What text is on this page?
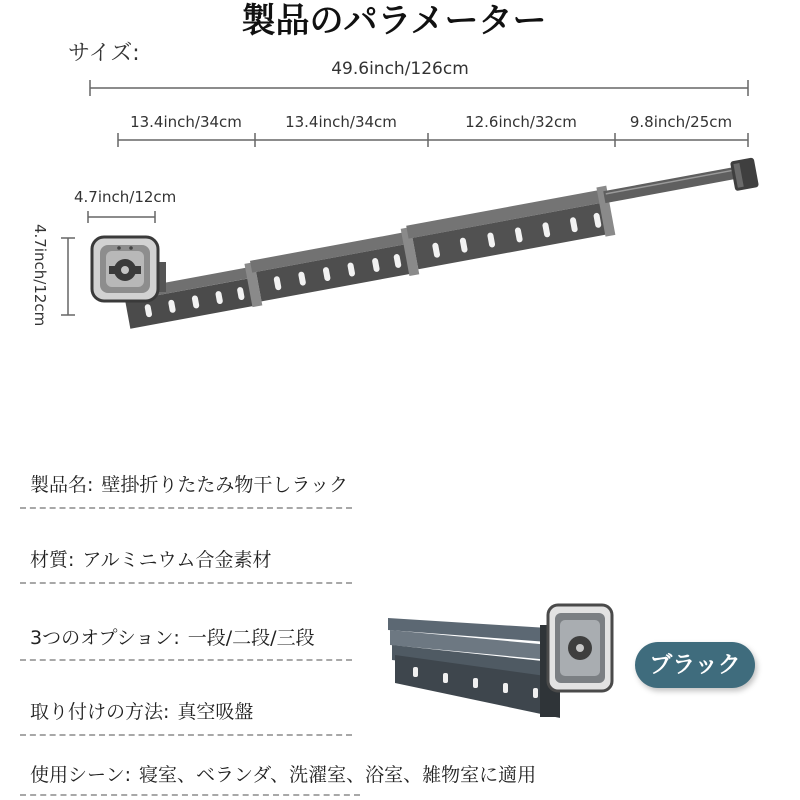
製品のパラメーター
サイズ:
49.6inch/126cm
13.4inch/34cm	13.4inch/34cm	12.6inch/32cm	9.8inch/25cm
4.7inch/12cm
4.7inch/12cm
製品名: 壁掛折りたたみ物干しラック
材質: アルミニウム合金素材
3つのオプション: 一段/二段/三段
取り付けの方法: 真空吸盤
使用シーン: 寝室、ベランダ、洗濯室、浴室、雑物室に適用
ブラック
